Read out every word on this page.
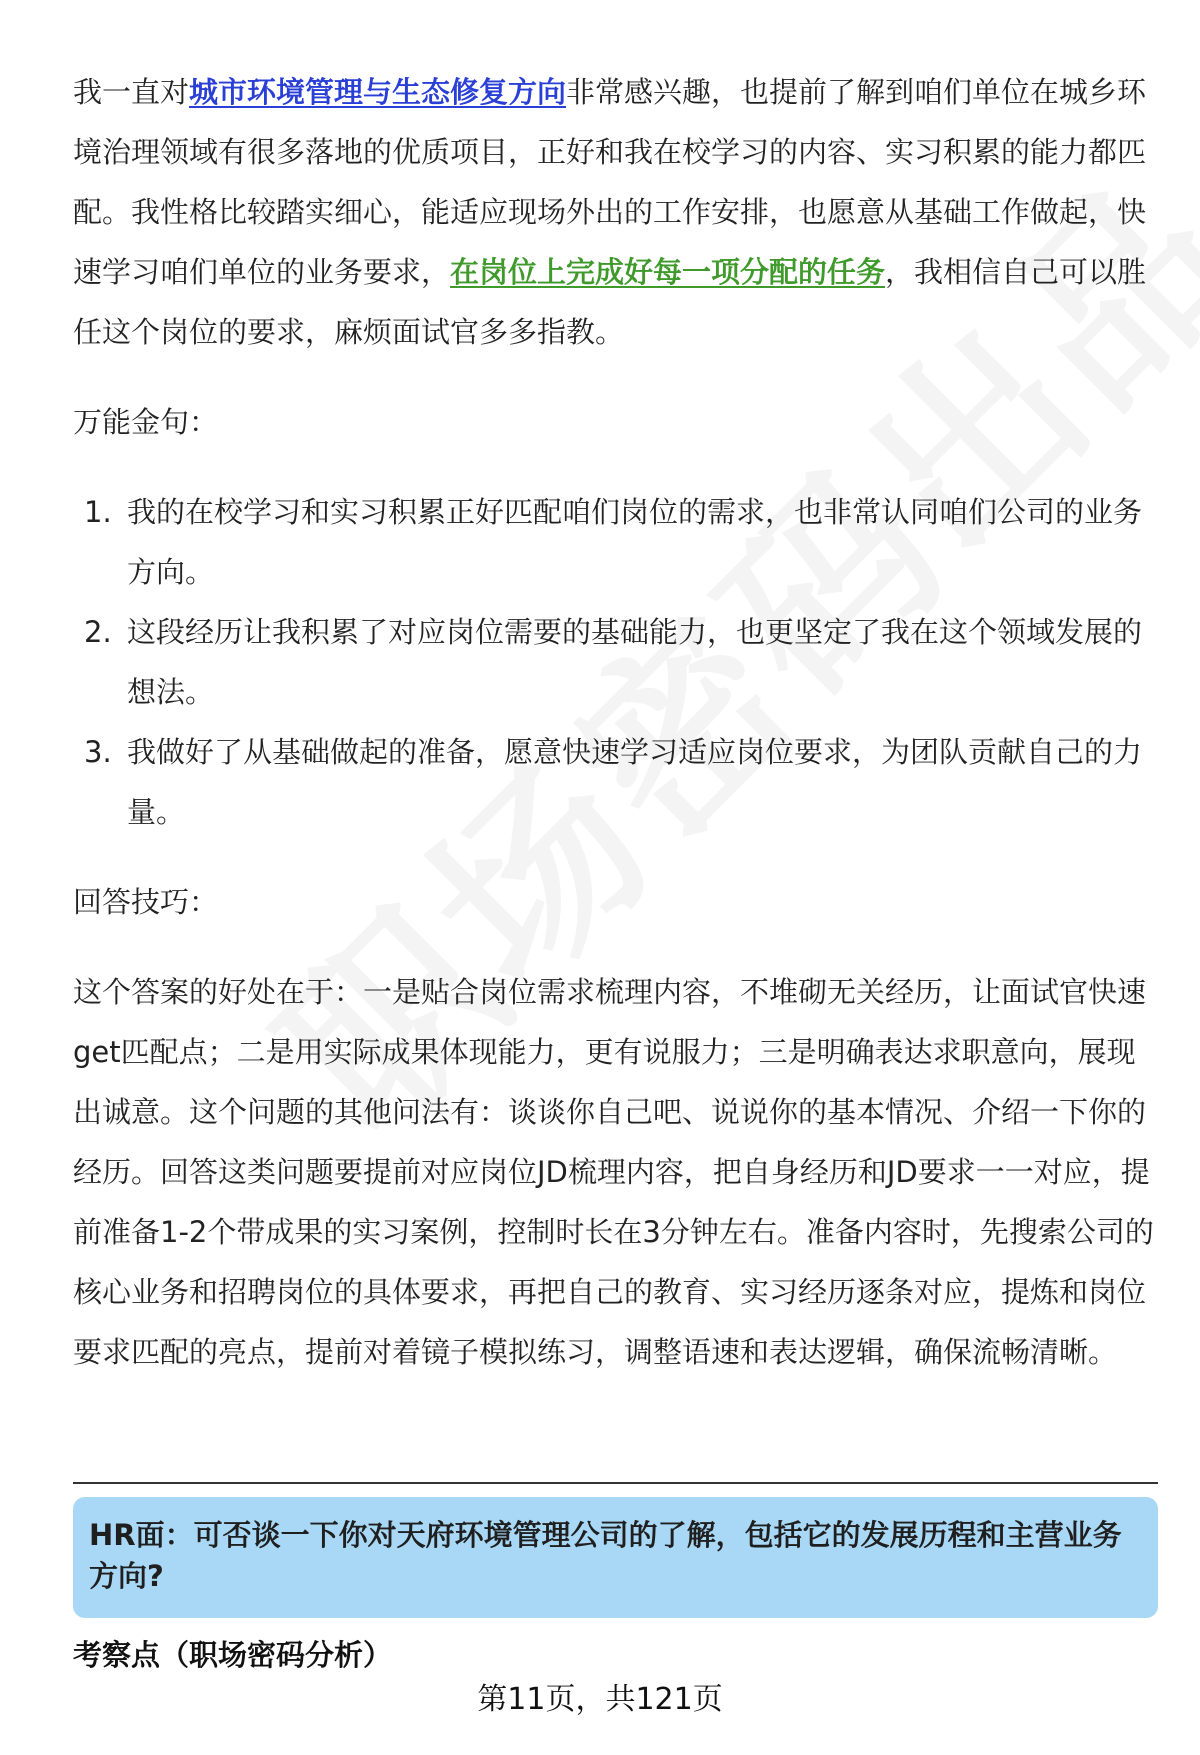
我一直对城市环境管理与生态修复方向非常感兴趣，也提前了解到咱们单位在城乡环境治理领域有很多落地的优质项目，正好和我在校学习的内容、实习积累的能力都匹配。我性格比较踏实细心，能适应现场外出的工作安排，也愿意从基础工作做起，快速学习咱们单位的业务要求，在岗位上完成好每一项分配的任务，我相信自己可以胜任这个岗位的要求，麻烦面试官多多指教。

万能金句：

1. 我的在校学习和实习积累正好匹配咱们岗位的需求，也非常认同咱们公司的业务方向。
2. 这段经历让我积累了对应岗位需要的基础能力，也更坚定了我在这个领域发展的想法。
3. 我做好了从基础做起的准备，愿意快速学习适应岗位要求，为团队贡献自己的力量。

回答技巧：

这个答案的好处在于：一是贴合岗位需求梳理内容，不堆砌无关经历，让面试官快速get匹配点；二是用实际成果体现能力，更有说服力；三是明确表达求职意向，展现出诚意。这个问题的其他问法有：谈谈你自己吧、说说你的基本情况、介绍一下你的经历。回答这类问题要提前对应岗位JD梳理内容，把自身经历和JD要求一一对应，提前准备1-2个带成果的实习案例，控制时长在3分钟左右。准备内容时，先搜索公司的核心业务和招聘岗位的具体要求，再把自己的教育、实习经历逐条对应，提炼和岗位要求匹配的亮点，提前对着镜子模拟练习，调整语速和表达逻辑，确保流畅清晰。

HR面：可否谈一下你对天府环境管理公司的了解，包括它的发展历程和主营业务方向?
考察点（职场密码分析）
第11页，共121页
